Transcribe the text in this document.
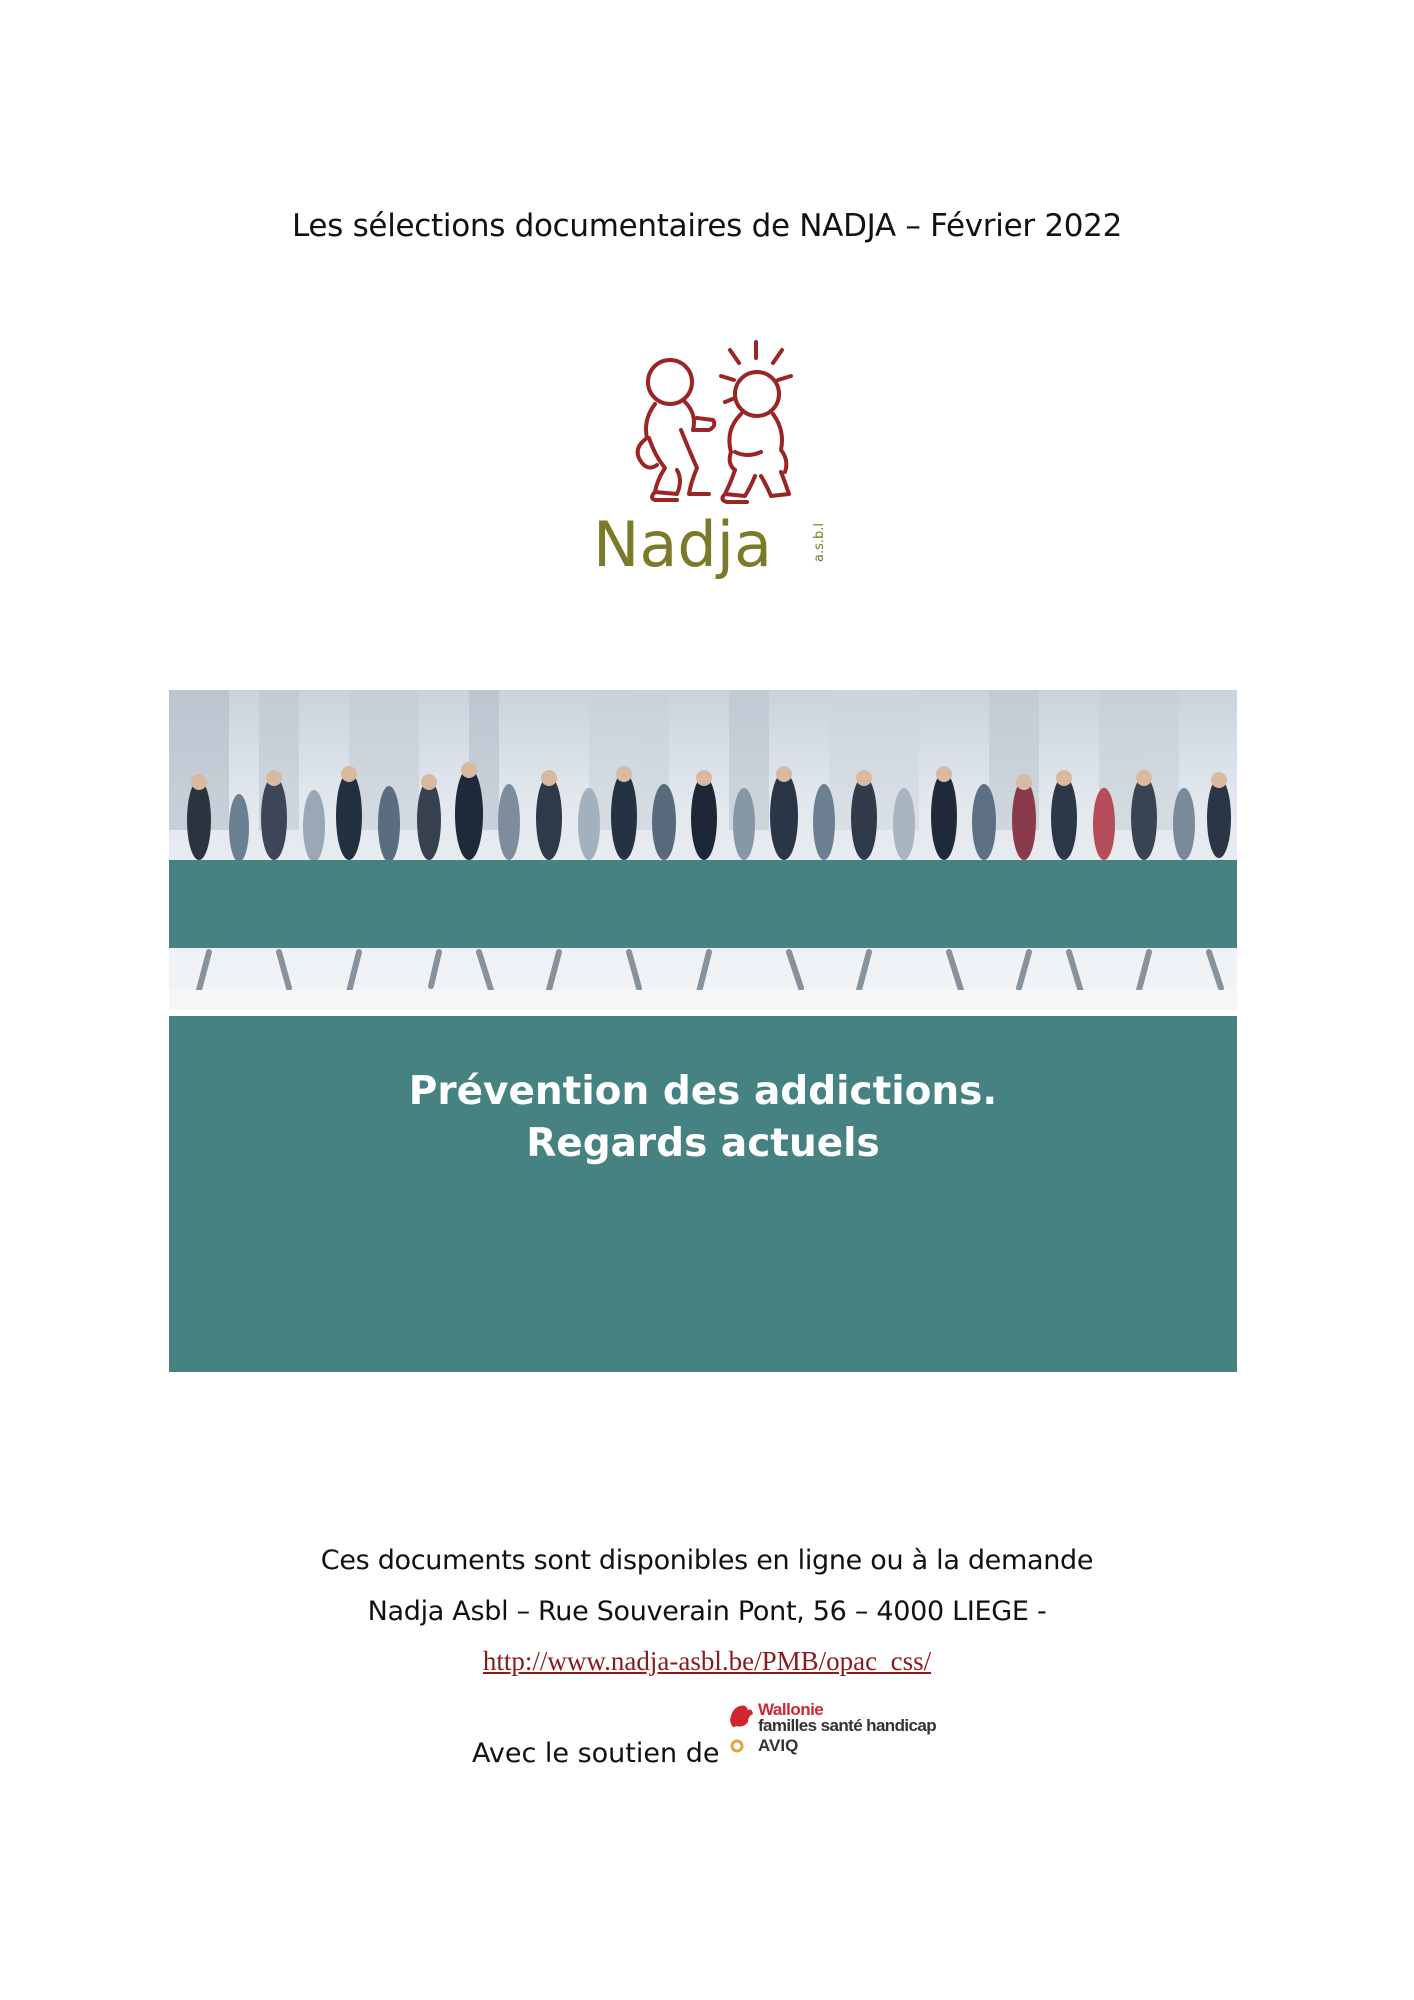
Les sélections documentaires de NADJA – Février 2022
Nadja	a.s.b.l
Prévention des addictions.
Regards actuels
Ces documents sont disponibles en ligne ou à la demande
Nadja Asbl – Rue Souverain Pont, 56 – 4000 LIEGE -
http://www.nadja-asbl.be/PMB/opac_css/
Avec le soutien de
Wallonie
familles santé handicap
AVIQ
